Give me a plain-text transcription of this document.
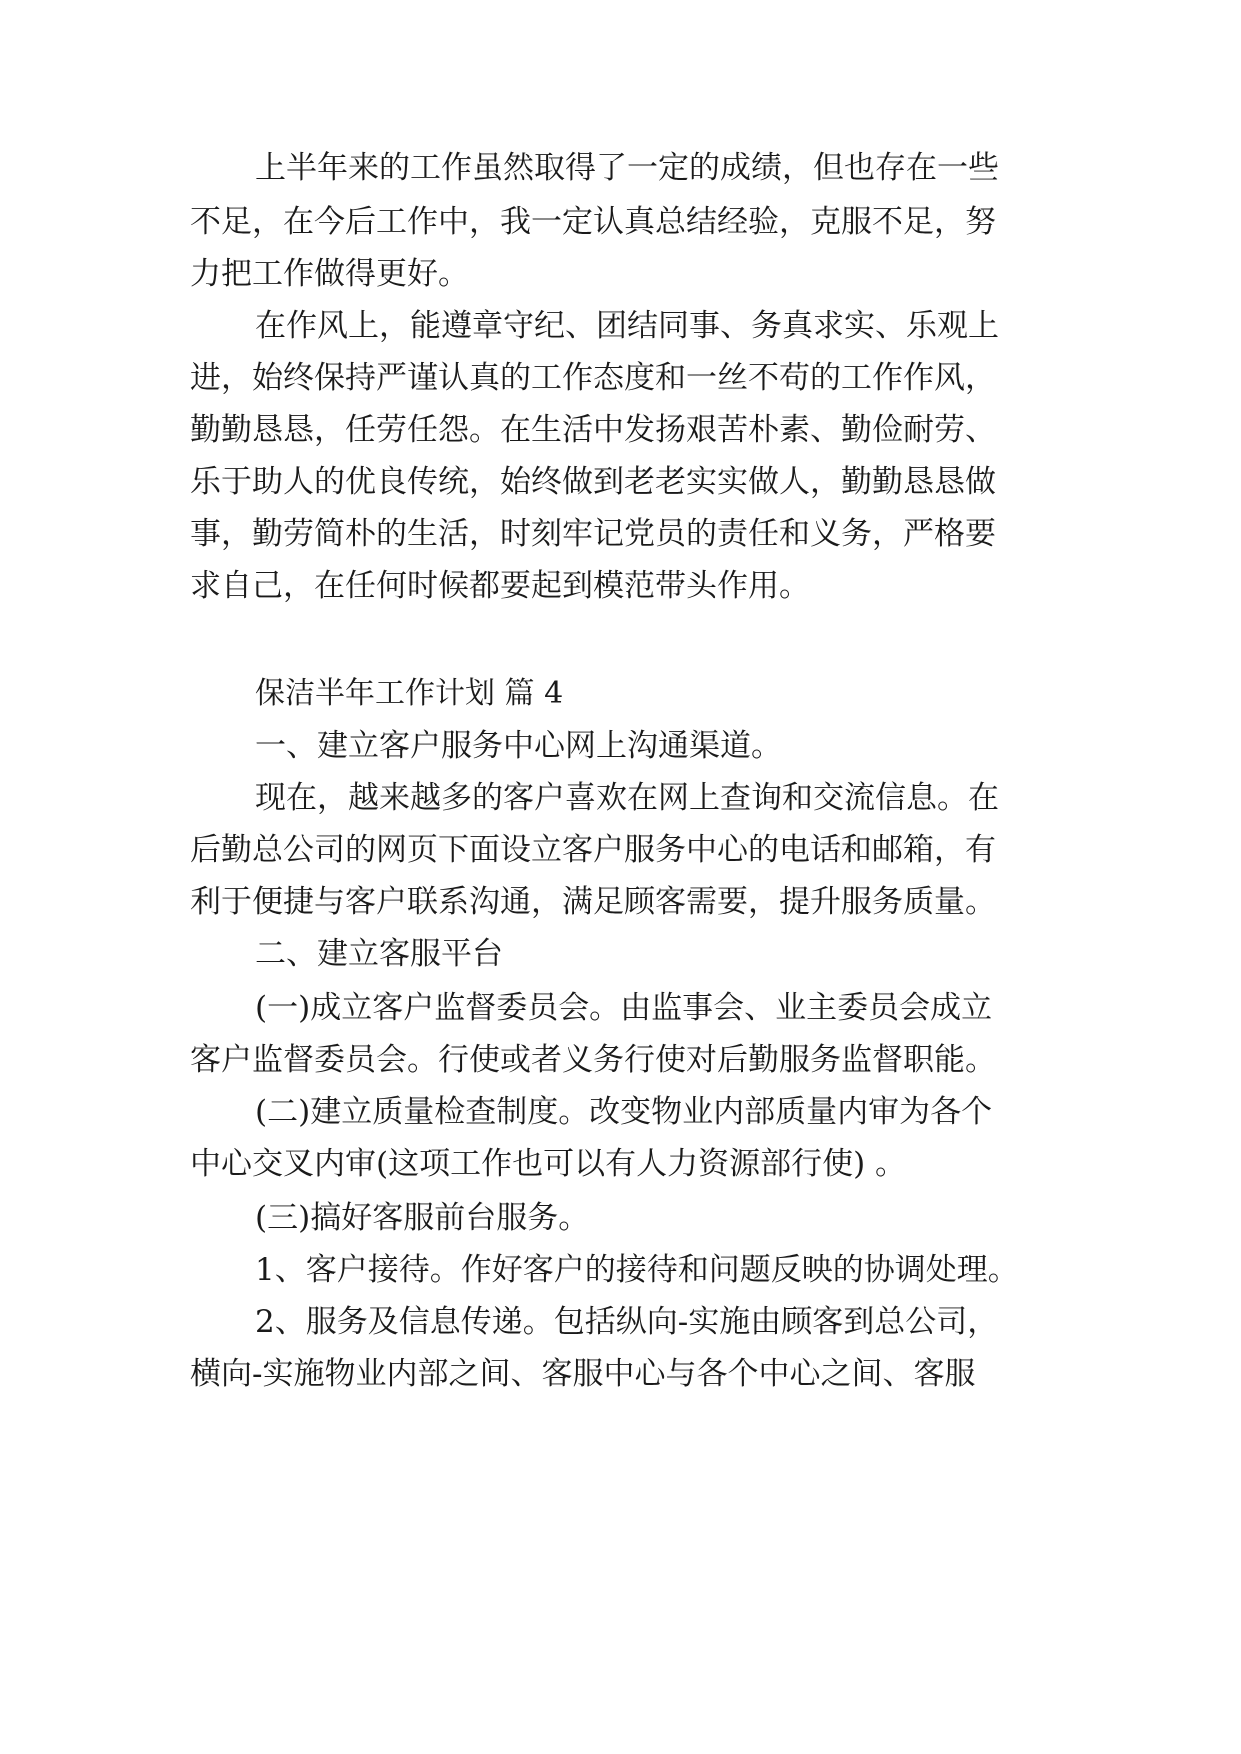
上半年来的工作虽然取得了一定的成绩，但也存在一些
不足，在今后工作中，我一定认真总结经验，克服不足，努
力把工作做得更好。
在作风上，能遵章守纪、团结同事、务真求实、乐观上
进，始终保持严谨认真的工作态度和一丝不苟的工作作风，
勤勤恳恳，任劳任怨。在生活中发扬艰苦朴素、勤俭耐劳、
乐于助人的优良传统，始终做到老老实实做人，勤勤恳恳做
事，勤劳简朴的生活，时刻牢记党员的责任和义务，严格要
求自己，在任何时候都要起到模范带头作用。
保洁半年工作计划 篇 4
一、建立客户服务中心网上沟通渠道。
现在，越来越多的客户喜欢在网上查询和交流信息。在
后勤总公司的网页下面设立客户服务中心的电话和邮箱，有
利于便捷与客户联系沟通，满足顾客需要，提升服务质量。
二、建立客服平台
(一)成立客户监督委员会。由监事会、业主委员会成立
客户监督委员会。行使或者义务行使对后勤服务监督职能。
(二)建立质量检查制度。改变物业内部质量内审为各个
中心交叉内审(这项工作也可以有人力资源部行使) 。
(三)搞好客服前台服务。
1、客户接待。作好客户的接待和问题反映的协调处理。
2、服务及信息传递。包括纵向-实施由顾客到总公司，
横向-实施物业内部之间、客服中心与各个中心之间、客服
